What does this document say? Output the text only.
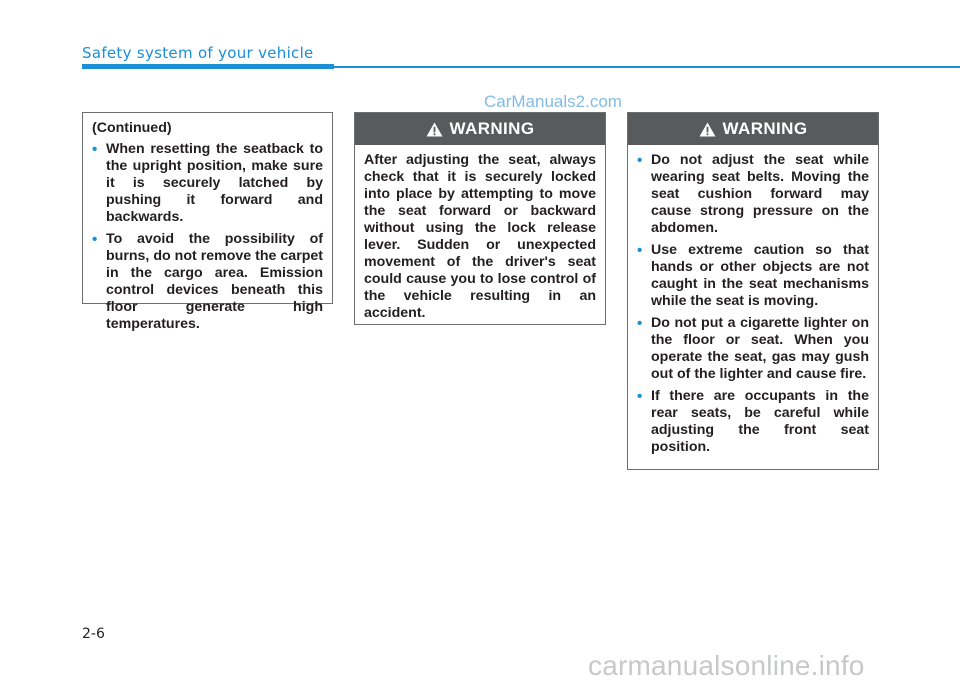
Safety system of your vehicle
CarManuals2.com

(Continued)

• When resetting the seatback to the upright position, make sure it is securely latched by pushing it forward and backwards.
• To avoid the possibility of burns, do not remove the carpet in the cargo area. Emission control devices beneath this floor generate high temperatures.
WARNING

After adjusting the seat, always check that it is securely locked into place by attempting to move the seat forward or backward without using the lock release lever. Sudden or unexpected movement of the driver's seat could cause you to lose control of the vehicle resulting in an accident.

WARNING
• Do not adjust the seat while wearing seat belts. Moving the seat cushion forward may cause strong pressure on the abdomen.
• Use extreme caution so that hands or other objects are not caught in the seat mechanisms while the seat is moving.
• Do not put a cigarette lighter on the floor or seat. When you operate the seat, gas may gush out of the lighter and cause fire.
• If there are occupants in the rear seats, be careful while adjusting the front seat position.
2-6
carmanualsonline.info
